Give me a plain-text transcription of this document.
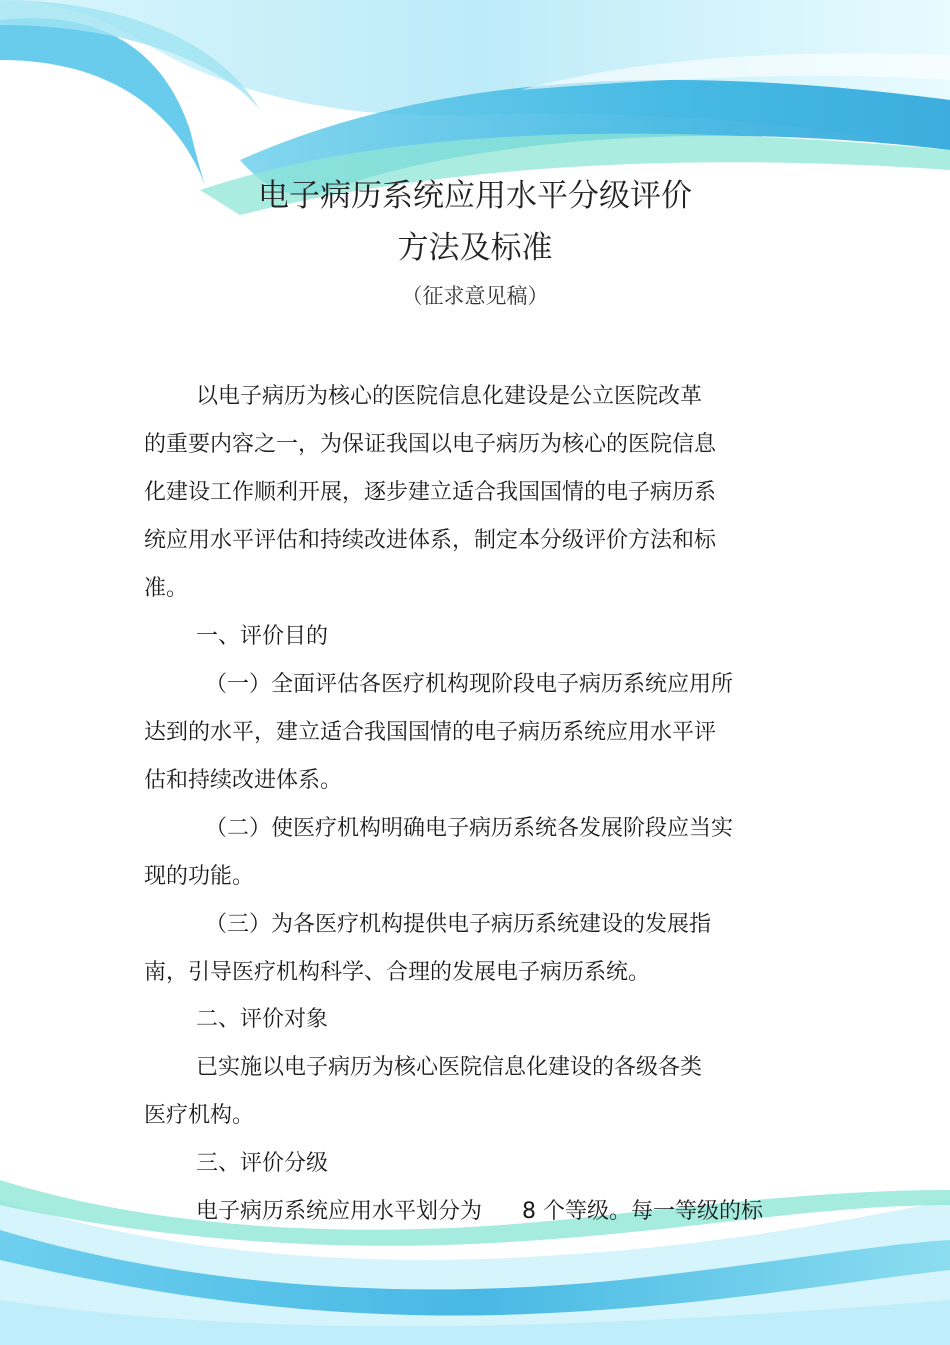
电子病历系统应用水平分级评价
方法及标准
（征求意见稿）
以电子病历为核心的医院信息化建设是公立医院改革
的重要内容之一，为保证我国以电子病历为核心的医院信息
化建设工作顺利开展，逐步建立适合我国国情的电子病历系
统应用水平评估和持续改进体系，制定本分级评价方法和标
准。
一、评价目的
（一）全面评估各医疗机构现阶段电子病历系统应用所
达到的水平，建立适合我国国情的电子病历系统应用水平评
估和持续改进体系。
（二）使医疗机构明确电子病历系统各发展阶段应当实
现的功能。
（三）为各医疗机构提供电子病历系统建设的发展指
南，引导医疗机构科学、合理的发展电子病历系统。
二、评价对象
已实施以电子病历为核心医院信息化建设的各级各类
医疗机构。
三、评价分级
电子病历系统应用水平划分为 8 个等级。每一等级的标
